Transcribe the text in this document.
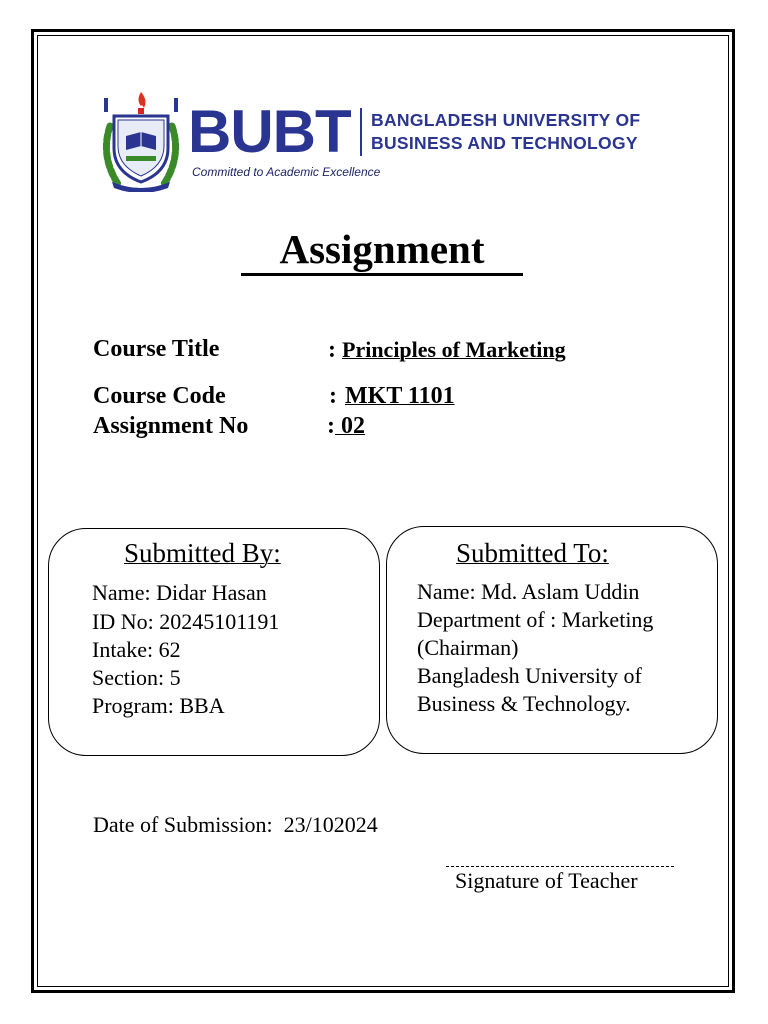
BUBT BANGLADESH UNIVERSITY OF
BUSINESS AND TECHNOLOGY
Committed to Academic Excellence
Assignment
Course Title	: Principles of Marketing
Course Code	: MKT 1101
Assignment No	: 02
Submitted By:
Name: Didar Hasan
ID No: 20245101191
Intake: 62
Section: 5
Program: BBA
Submitted To:
Name: Md. Aslam Uddin
Department of : Marketing
(Chairman)
Bangladesh University of
Business & Technology.
Date of Submission:  23/102024
Signature of Teacher
